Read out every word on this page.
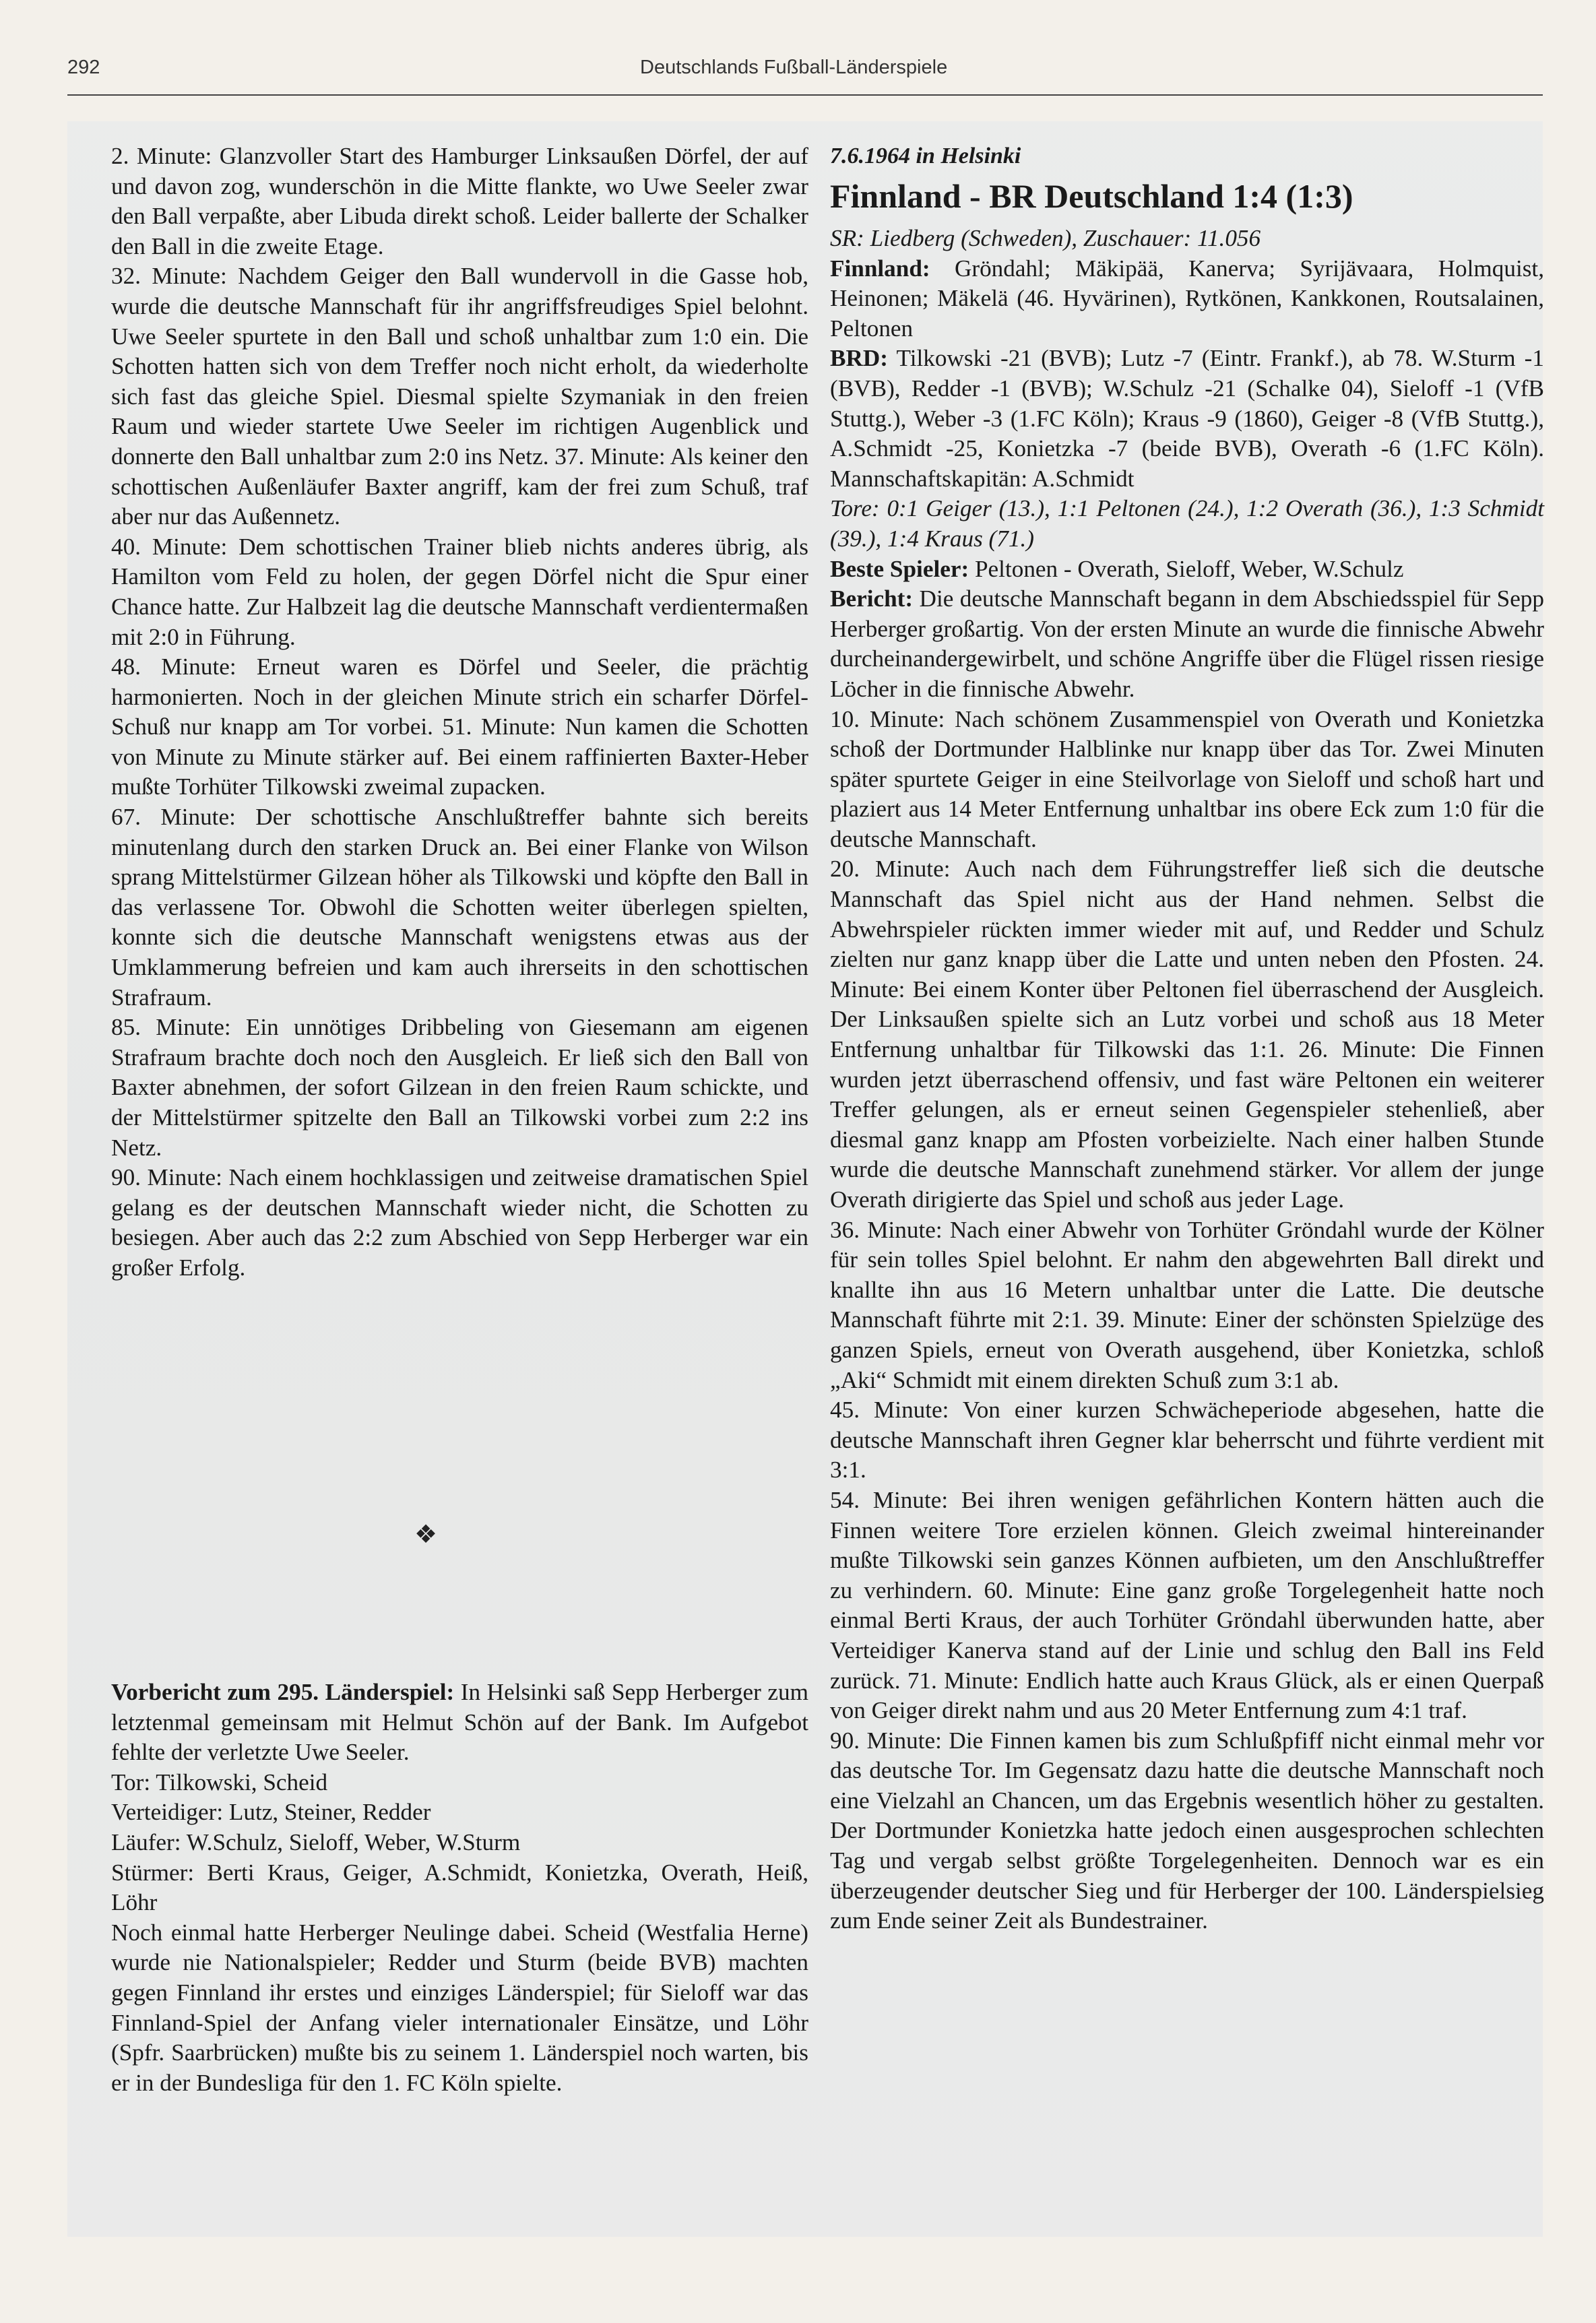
292	Deutschlands Fußball-Länderspiele

2. Minute: Glanzvoller Start des Hamburger Linksaußen Dörfel, der auf und davon zog, wunderschön in die Mitte flankte, wo Uwe Seeler zwar den Ball verpaßte, aber Libuda direkt schoß. Leider ballerte der Schalker den Ball in die zweite Etage.

32. Minute: Nachdem Geiger den Ball wundervoll in die Gasse hob, wurde die deutsche Mannschaft für ihr angriffsfreudiges Spiel belohnt. Uwe Seeler spurtete in den Ball und schoß unhaltbar zum 1:0 ein. Die Schotten hatten sich von dem Treffer noch nicht erholt, da wiederholte sich fast das gleiche Spiel. Diesmal spielte Szymaniak in den freien Raum und wieder startete Uwe Seeler im richtigen Augenblick und donnerte den Ball unhaltbar zum 2:0 ins Netz. 37. Minute: Als keiner den schottischen Außenläufer Baxter angriff, kam der frei zum Schuß, traf aber nur das Außennetz.

40. Minute: Dem schottischen Trainer blieb nichts anderes übrig, als Hamilton vom Feld zu holen, der gegen Dörfel nicht die Spur einer Chance hatte. Zur Halbzeit lag die deutsche Mannschaft verdientermaßen mit 2:0 in Führung.

48. Minute: Erneut waren es Dörfel und Seeler, die prächtig harmonierten. Noch in der gleichen Minute strich ein scharfer Dörfel-Schuß nur knapp am Tor vorbei. 51. Minute: Nun kamen die Schotten von Minute zu Minute stärker auf. Bei einem raffinierten Baxter-Heber mußte Torhüter Tilkowski zweimal zupacken.

67. Minute: Der schottische Anschlußtreffer bahnte sich bereits minutenlang durch den starken Druck an. Bei einer Flanke von Wilson sprang Mittelstürmer Gilzean höher als Tilkowski und köpfte den Ball in das verlassene Tor. Obwohl die Schotten weiter überlegen spielten, konnte sich die deutsche Mannschaft wenigstens etwas aus der Umklammerung befreien und kam auch ihrerseits in den schottischen Strafraum.

85. Minute: Ein unnötiges Dribbeling von Giesemann am eigenen Strafraum brachte doch noch den Ausgleich. Er ließ sich den Ball von Baxter abnehmen, der sofort Gilzean in den freien Raum schickte, und der Mittelstürmer spitzelte den Ball an Tilkowski vorbei zum 2:2 ins Netz.

90. Minute: Nach einem hochklassigen und zeitweise dramatischen Spiel gelang es der deutschen Mannschaft wieder nicht, die Schotten zu besiegen. Aber auch das 2:2 zum Abschied von Sepp Herberger war ein großer Erfolg.

❖

Vorbericht zum 295. Länderspiel: In Helsinki saß Sepp Herberger zum letztenmal gemeinsam mit Helmut Schön auf der Bank. Im Aufgebot fehlte der verletzte Uwe Seeler.

Tor: Tilkowski, Scheid

Verteidiger: Lutz, Steiner, Redder

Läufer: W.Schulz, Sieloff, Weber, W.Sturm

Stürmer: Berti Kraus, Geiger, A.Schmidt, Konietzka, Overath, Heiß, Löhr

Noch einmal hatte Herberger Neulinge dabei. Scheid (Westfalia Herne) wurde nie Nationalspieler; Redder und Sturm (beide BVB) machten gegen Finnland ihr erstes und einziges Länderspiel; für Sieloff war das Finnland-Spiel der Anfang vieler internationaler Einsätze, und Löhr (Spfr. Saarbrücken) mußte bis zu seinem 1. Länderspiel noch warten, bis er in der Bundesliga für den 1. FC Köln spielte.

7.6.1964 in Helsinki
Finnland - BR Deutschland 1:4 (1:3)

SR: Liedberg (Schweden), Zuschauer: 11.056

Finnland: Gröndahl; Mäkipää, Kanerva; Syrijävaara, Holmquist, Heinonen; Mäkelä (46. Hyvärinen), Rytkönen, Kankkonen, Routsalainen, Peltonen

BRD: Tilkowski -21 (BVB); Lutz -7 (Eintr. Frankf.), ab 78. W.Sturm -1 (BVB), Redder -1 (BVB); W.Schulz -21 (Schalke 04), Sieloff -1 (VfB Stuttg.), Weber -3 (1.FC Köln); Kraus -9 (1860), Geiger -8 (VfB Stuttg.), A.Schmidt -25, Konietzka -7 (beide BVB), Overath -6 (1.FC Köln). Mannschaftskapitän: A.Schmidt

Tore: 0:1 Geiger (13.), 1:1 Peltonen (24.), 1:2 Overath (36.), 1:3 Schmidt (39.), 1:4 Kraus (71.)

Beste Spieler: Peltonen - Overath, Sieloff, Weber, W.Schulz

Bericht: Die deutsche Mannschaft begann in dem Abschiedsspiel für Sepp Herberger großartig. Von der ersten Minute an wurde die finnische Abwehr durcheinandergewirbelt, und schöne Angriffe über die Flügel rissen riesige Löcher in die finnische Abwehr.

10. Minute: Nach schönem Zusammenspiel von Overath und Konietzka schoß der Dortmunder Halblinke nur knapp über das Tor. Zwei Minuten später spurtete Geiger in eine Steilvorlage von Sieloff und schoß hart und plaziert aus 14 Meter Entfernung unhaltbar ins obere Eck zum 1:0 für die deutsche Mannschaft.

20. Minute: Auch nach dem Führungstreffer ließ sich die deutsche Mannschaft das Spiel nicht aus der Hand nehmen. Selbst die Abwehrspieler rückten immer wieder mit auf, und Redder und Schulz zielten nur ganz knapp über die Latte und unten neben den Pfosten. 24. Minute: Bei einem Konter über Peltonen fiel überraschend der Ausgleich. Der Linksaußen spielte sich an Lutz vorbei und schoß aus 18 Meter Entfernung unhaltbar für Tilkowski das 1:1. 26. Minute: Die Finnen wurden jetzt überraschend offensiv, und fast wäre Peltonen ein weiterer Treffer gelungen, als er erneut seinen Gegenspieler stehenließ, aber diesmal ganz knapp am Pfosten vorbeizielte. Nach einer halben Stunde wurde die deutsche Mannschaft zunehmend stärker. Vor allem der junge Overath dirigierte das Spiel und schoß aus jeder Lage.

36. Minute: Nach einer Abwehr von Torhüter Gröndahl wurde der Kölner für sein tolles Spiel belohnt. Er nahm den abgewehrten Ball direkt und knallte ihn aus 16 Metern unhaltbar unter die Latte. Die deutsche Mannschaft führte mit 2:1. 39. Minute: Einer der schönsten Spielzüge des ganzen Spiels, erneut von Overath ausgehend, über Konietzka, schloß „Aki“ Schmidt mit einem direkten Schuß zum 3:1 ab.

45. Minute: Von einer kurzen Schwächeperiode abgesehen, hatte die deutsche Mannschaft ihren Gegner klar beherrscht und führte verdient mit 3:1.

54. Minute: Bei ihren wenigen gefährlichen Kontern hätten auch die Finnen weitere Tore erzielen können. Gleich zweimal hintereinander mußte Tilkowski sein ganzes Können aufbieten, um den Anschlußtreffer zu verhindern. 60. Minute: Eine ganz große Torgelegenheit hatte noch einmal Berti Kraus, der auch Torhüter Gröndahl überwunden hatte, aber Verteidiger Kanerva stand auf der Linie und schlug den Ball ins Feld zurück. 71. Minute: Endlich hatte auch Kraus Glück, als er einen Querpaß von Geiger direkt nahm und aus 20 Meter Entfernung zum 4:1 traf.

90. Minute: Die Finnen kamen bis zum Schlußpfiff nicht einmal mehr vor das deutsche Tor. Im Gegensatz dazu hatte die deutsche Mannschaft noch eine Vielzahl an Chancen, um das Ergebnis wesentlich höher zu gestalten. Der Dortmunder Konietzka hatte jedoch einen ausgesprochen schlechten Tag und vergab selbst größte Torgelegenheiten. Dennoch war es ein überzeugender deutscher Sieg und für Herberger der 100. Länderspielsieg zum Ende seiner Zeit als Bundestrainer.
